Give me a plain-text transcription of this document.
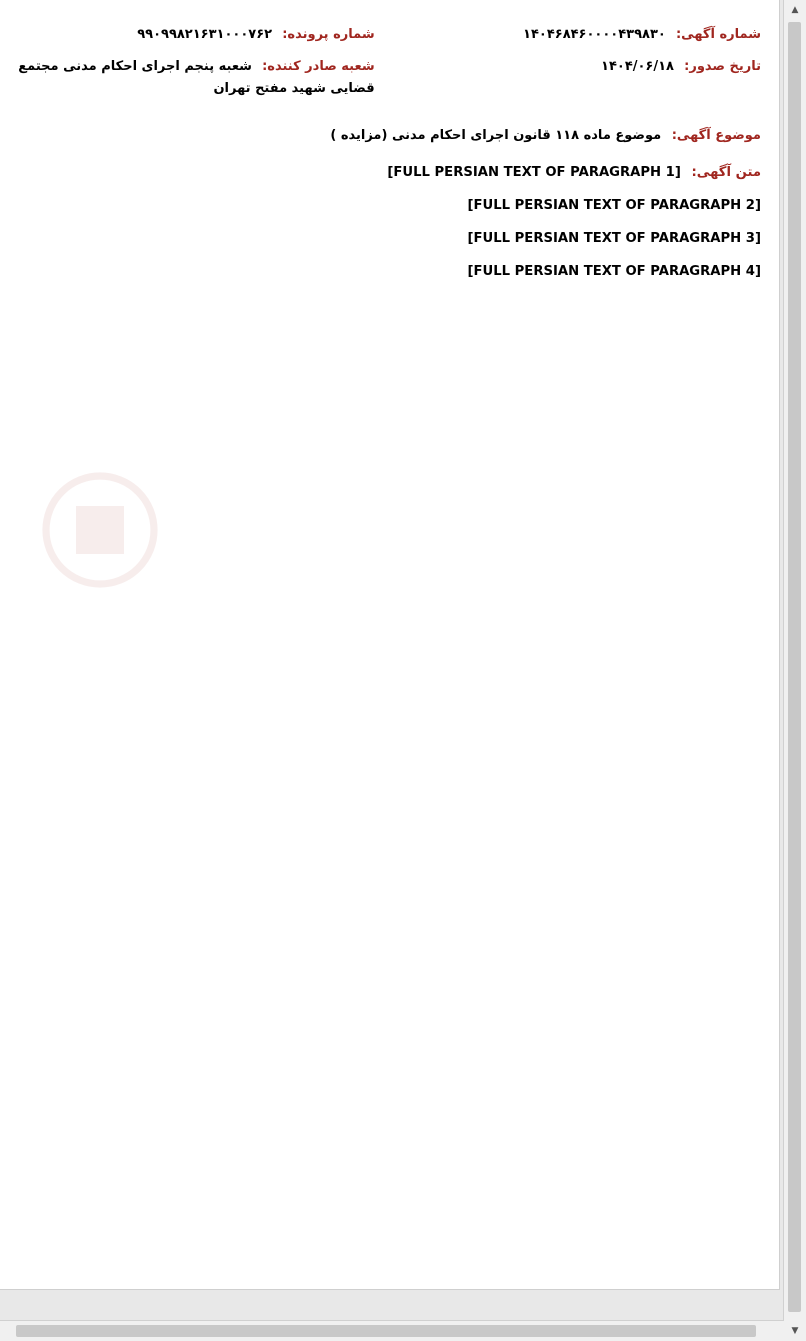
شماره آگهی: ۱۴۰۴۶۸۴۶۰۰۰۰۴۳۹۸۳۰
تاریخ صدور: ۱۴۰۴/۰۶/۱۸
شماره پرونده: ۹۹۰۹۹۸۲۱۶۳۱۰۰۰۷۶۲
شعبه صادر کننده: شعبه پنجم اجرای احکام مدنی مجتمع قضایی شهید مفتح تهران
موضوع آگهی: موضوع ماده ۱۱۸ قانون اجرای احکام مدنی (مزایده )

متن آگهی: [FULL PERSIAN TEXT OF PARAGRAPH 1]

[FULL PERSIAN TEXT OF PARAGRAPH 2]

[FULL PERSIAN TEXT OF PARAGRAPH 3]

[FULL PERSIAN TEXT OF PARAGRAPH 4]

▲
▼
